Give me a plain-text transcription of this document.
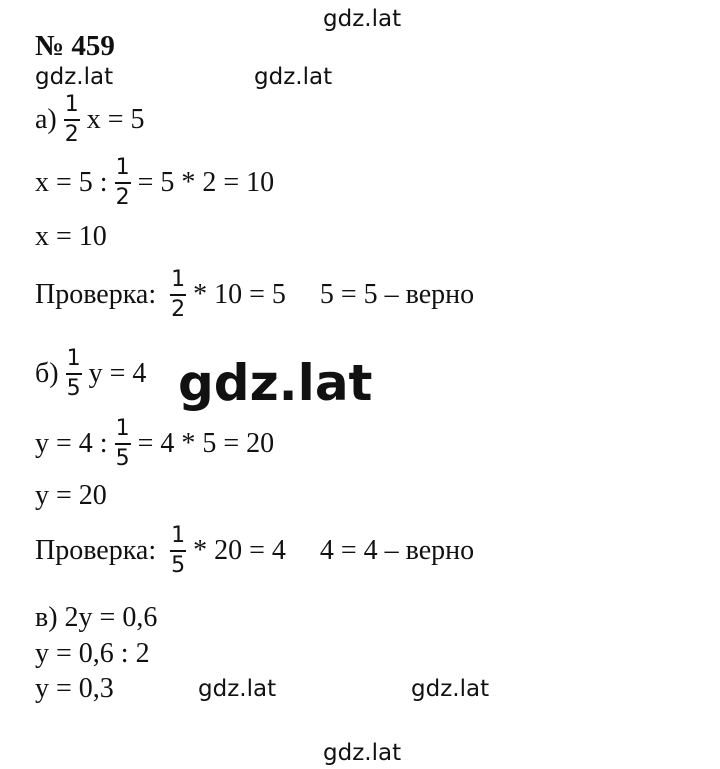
gdz.lat
gdz.lat	gdz.lat
gdz.lat
gdz.lat	gdz.lat
gdz.lat
№ 459
$а) \frac{1}{2}$ x = 5
x = 5 : $\frac{1}{2} = 5 * 2 = 10$
x = 10
Проверка: $\frac{1}{2} * 10 = 5$ 5 = 5 – верно
$б) \frac{1}{5}$ y = 4
y = 4 : $\frac{1}{5} = 4 * 5 = 20$
y = 20
Проверка: $\frac{1}{5} * 20 = 4$ 4 = 4 – верно
в) 2y = 0,6
y = 0,6 : 2
y = 0,3
